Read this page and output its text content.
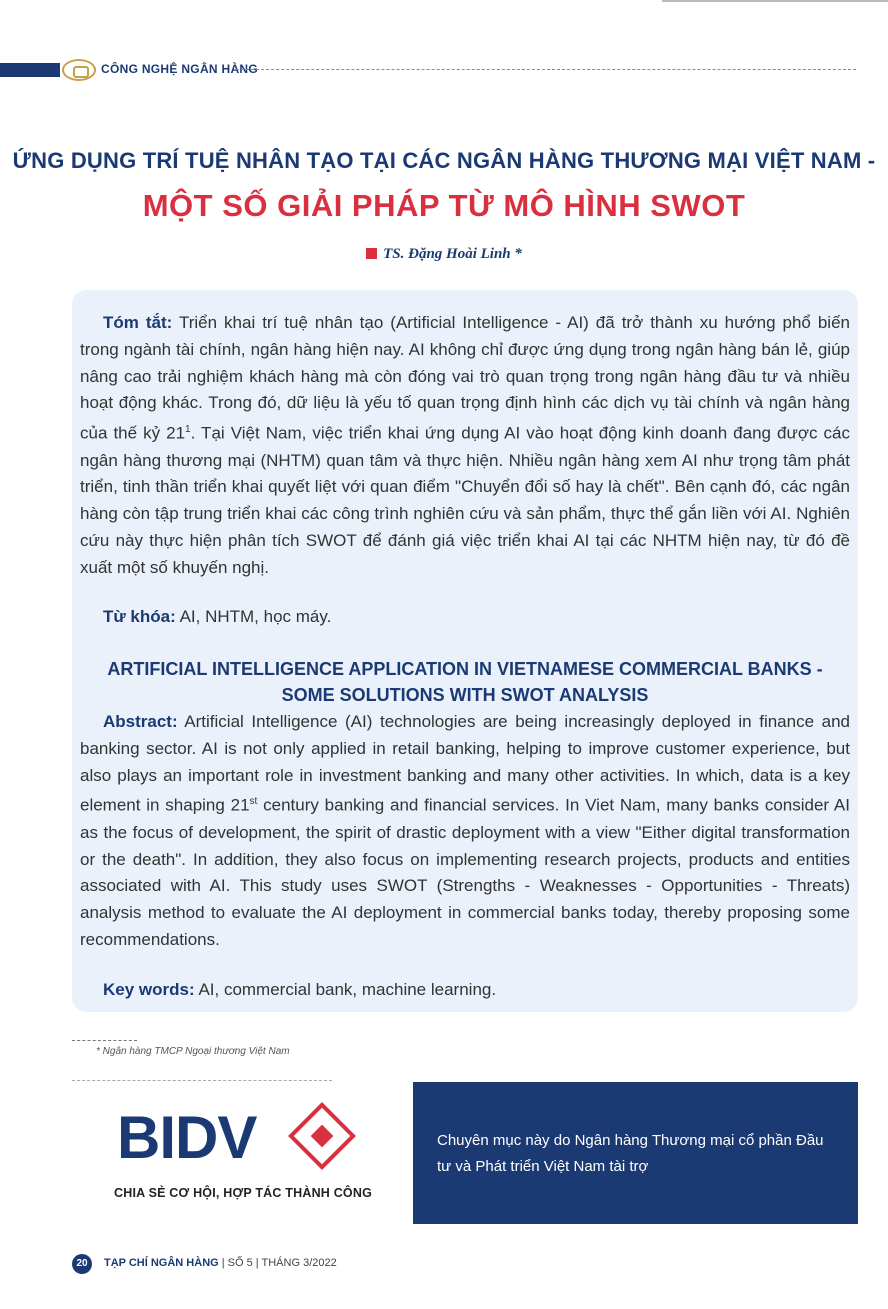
CÔNG NGHỆ NGÂN HÀNG
ỨNG DỤNG TRÍ TUỆ NHÂN TẠO TẠI CÁC NGÂN HÀNG THƯƠNG MẠI VIỆT NAM -
MỘT SỐ GIẢI PHÁP TỪ MÔ HÌNH SWOT
TS. Đặng Hoài Linh *

Tóm tắt: Triển khai trí tuệ nhân tạo (Artificial Intelligence - AI) đã trở thành xu hướng phổ biến trong ngành tài chính, ngân hàng hiện nay. AI không chỉ được ứng dụng trong ngân hàng bán lẻ, giúp nâng cao trải nghiệm khách hàng mà còn đóng vai trò quan trọng trong ngân hàng đầu tư và nhiều hoạt động khác. Trong đó, dữ liệu là yếu tố quan trọng định hình các dịch vụ tài chính và ngân hàng của thế kỷ $21^1$. Tại Việt Nam, việc triển khai ứng dụng AI vào hoạt động kinh doanh đang được các ngân hàng thương mại (NHTM) quan tâm và thực hiện. Nhiều ngân hàng xem AI như trọng tâm phát triển, tinh thần triển khai quyết liệt với quan điểm "Chuyển đổi số hay là chết". Bên cạnh đó, các ngân hàng còn tập trung triển khai các công trình nghiên cứu và sản phẩm, thực thể gắn liền với AI. Nghiên cứu này thực hiện phân tích SWOT để đánh giá việc triển khai AI tại các NHTM hiện nay, từ đó đề xuất một số khuyến nghị.

Từ khóa: AI, NHTM, học máy.

ARTIFICIAL INTELLIGENCE APPLICATION IN VIETNAMESE COMMERCIAL BANKS -
SOME SOLUTIONS WITH SWOT ANALYSIS

Abstract: Artificial Intelligence (AI) technologies are being increasingly deployed in finance and banking sector. AI is not only applied in retail banking, helping to improve customer experience, but also plays an important role in investment banking and many other activities. In which, data is a key element in shaping 21st century banking and financial services. In Viet Nam, many banks consider AI as the focus of development, the spirit of drastic deployment with a view "Either digital transformation or the death". In addition, they also focus on implementing research projects, products and entities associated with AI. This study uses SWOT (Strengths - Weaknesses - Opportunities - Threats) analysis method to evaluate the AI deployment in commercial banks today, thereby proposing some recommendations.

Key words: AI, commercial bank, machine learning.

* Ngân hàng TMCP Ngoại thương Việt Nam
BIDV
CHIA SẺ CƠ HỘI, HỢP TÁC THÀNH CÔNG
Chuyên mục này do Ngân hàng Thương mại cổ phần Đầu tư và Phát triển Việt Nam tài trợ
20	TẠP CHÍ NGÂN HÀNG | SỐ 5 | THÁNG 3/2022
